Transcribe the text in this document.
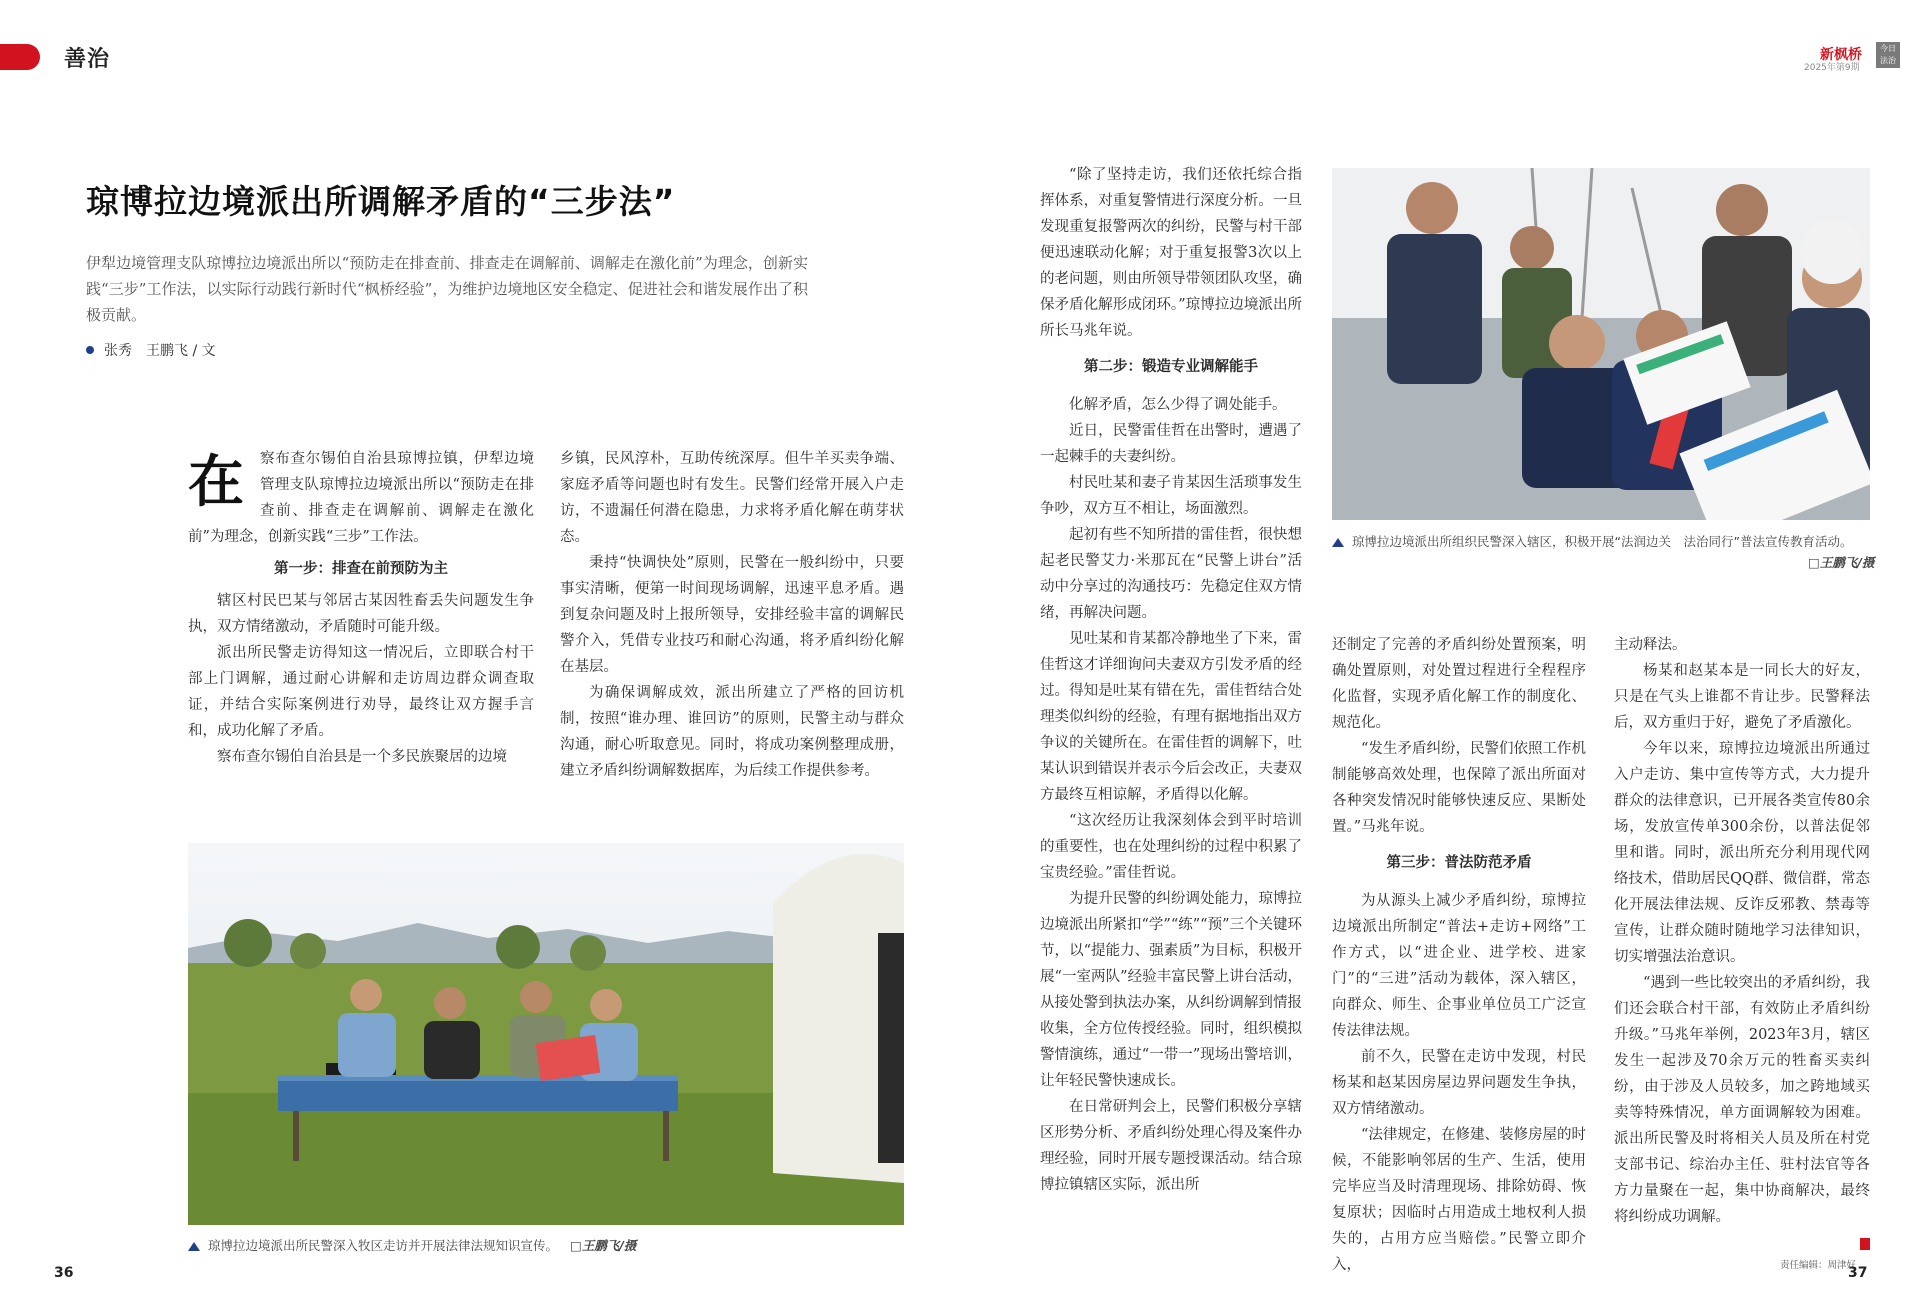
善治	新枫桥	今日
法治
2025年第9期
琼博拉边境派出所调解矛盾的“三步法”
伊犁边境管理支队琼博拉边境派出所以“预防走在排查前、排查走在调解前、调解走在激化前”为理念，创新实践“三步”工作法，以实际行动践行新时代“枫桥经验”，为维护边境地区安全稳定、促进社会和谐发展作出了积极贡献。
张秀　王鹏飞 / 文
在	察布查尔锡伯自治县琼博拉镇，伊犁边境管理支队琼博拉边境派出所以“预防走在排查前、排查走在调解前、调解走在激化前”为理念，创新实践“三步”工作法。

第一步：排查在前预防为主

辖区村民巴某与邻居古某因牲畜丢失问题发生争执，双方情绪激动，矛盾随时可能升级。

派出所民警走访得知这一情况后，立即联合村干部上门调解，通过耐心讲解和走访周边群众调查取证，并结合实际案例进行劝导，最终让双方握手言和，成功化解了矛盾。

察布查尔锡伯自治县是一个多民族聚居的边境

乡镇，民风淳朴，互助传统深厚。但牛羊买卖争端、家庭矛盾等问题也时有发生。民警们经常开展入户走访，不遗漏任何潜在隐患，力求将矛盾化解在萌芽状态。

秉持“快调快处”原则，民警在一般纠纷中，只要事实清晰，便第一时间现场调解，迅速平息矛盾。遇到复杂问题及时上报所领导，安排经验丰富的调解民警介入，凭借专业技巧和耐心沟通，将矛盾纠纷化解在基层。

为确保调解成效，派出所建立了严格的回访机制，按照“谁办理、谁回访”的原则，民警主动与群众沟通，耐心听取意见。同时，将成功案例整理成册，建立矛盾纠纷调解数据库，为后续工作提供参考。

琼博拉边境派出所民警深入牧区走访并开展法律法规知识宣传。 □王鹏飞/摄
36

“除了坚持走访，我们还依托综合指挥体系，对重复警情进行深度分析。一旦发现重复报警两次的纠纷，民警与村干部便迅速联动化解；对于重复报警3次以上的老问题，则由所领导带领团队攻坚，确保矛盾化解形成闭环。”琼博拉边境派出所所长马兆年说。

第二步：锻造专业调解能手

化解矛盾，怎么少得了调处能手。

近日，民警雷佳哲在出警时，遭遇了一起棘手的夫妻纠纷。

村民吐某和妻子肯某因生活琐事发生争吵，双方互不相让，场面激烈。

起初有些不知所措的雷佳哲，很快想起老民警艾力·米那瓦在“民警上讲台”活动中分享过的沟通技巧：先稳定住双方情绪，再解决问题。

见吐某和肯某都冷静地坐了下来，雷佳哲这才详细询问夫妻双方引发矛盾的经过。得知是吐某有错在先，雷佳哲结合处理类似纠纷的经验，有理有据地指出双方争议的关键所在。在雷佳哲的调解下，吐某认识到错误并表示今后会改正，夫妻双方最终互相谅解，矛盾得以化解。

“这次经历让我深刻体会到平时培训的重要性，也在处理纠纷的过程中积累了宝贵经验。”雷佳哲说。

为提升民警的纠纷调处能力，琼博拉边境派出所紧扣“学”“练”“预”三个关键环节，以“提能力、强素质”为目标，积极开展“一室两队”经验丰富民警上讲台活动，从接处警到执法办案，从纠纷调解到情报收集，全方位传授经验。同时，组织模拟警情演练，通过“一带一”现场出警培训，让年轻民警快速成长。

在日常研判会上，民警们积极分享辖区形势分析、矛盾纠纷处理心得及案件办理经验，同时开展专题授课活动。结合琼博拉镇辖区实际，派出所

琼博拉边境派出所组织民警深入辖区，积极开展“法润边关　法治同行”普法宣传教育活动。
□王鹏飞/摄

还制定了完善的矛盾纠纷处置预案，明确处置原则，对处置过程进行全程程序化监督，实现矛盾化解工作的制度化、规范化。

“发生矛盾纠纷，民警们依照工作机制能够高效处理，也保障了派出所面对各种突发情况时能够快速反应、果断处置。”马兆年说。

第三步：普法防范矛盾

为从源头上减少矛盾纠纷，琼博拉边境派出所制定“普法+走访+网络”工作方式，以“进企业、进学校、进家门”的“三进”活动为载体，深入辖区，向群众、师生、企事业单位员工广泛宣传法律法规。

前不久，民警在走访中发现，村民杨某和赵某因房屋边界问题发生争执，双方情绪激动。

“法律规定，在修建、装修房屋的时候，不能影响邻居的生产、生活，使用完毕应当及时清理现场、排除妨碍、恢复原状；因临时占用造成土地权利人损失的，占用方应当赔偿。”民警立即介入，

主动释法。

杨某和赵某本是一同长大的好友，只是在气头上谁都不肯让步。民警释法后，双方重归于好，避免了矛盾激化。

今年以来，琼博拉边境派出所通过入户走访、集中宣传等方式，大力提升群众的法律意识，已开展各类宣传80余场，发放宣传单300余份，以普法促邻里和谐。同时，派出所充分利用现代网络技术，借助居民QQ群、微信群，常态化开展法律法规、反诈反邪教、禁毒等宣传，让群众随时随地学习法律知识，切实增强法治意识。

“遇到一些比较突出的矛盾纠纷，我们还会联合村干部，有效防止矛盾纠纷升级。”马兆年举例，2023年3月，辖区发生一起涉及70余万元的牲畜买卖纠纷，由于涉及人员较多，加之跨地域买卖等特殊情况，单方面调解较为困难。派出所民警及时将相关人员及所在村党支部书记、综治办主任、驻村法官等各方力量聚在一起，集中协商解决，最终将纠纷成功调解。

责任编辑：周津好
37
